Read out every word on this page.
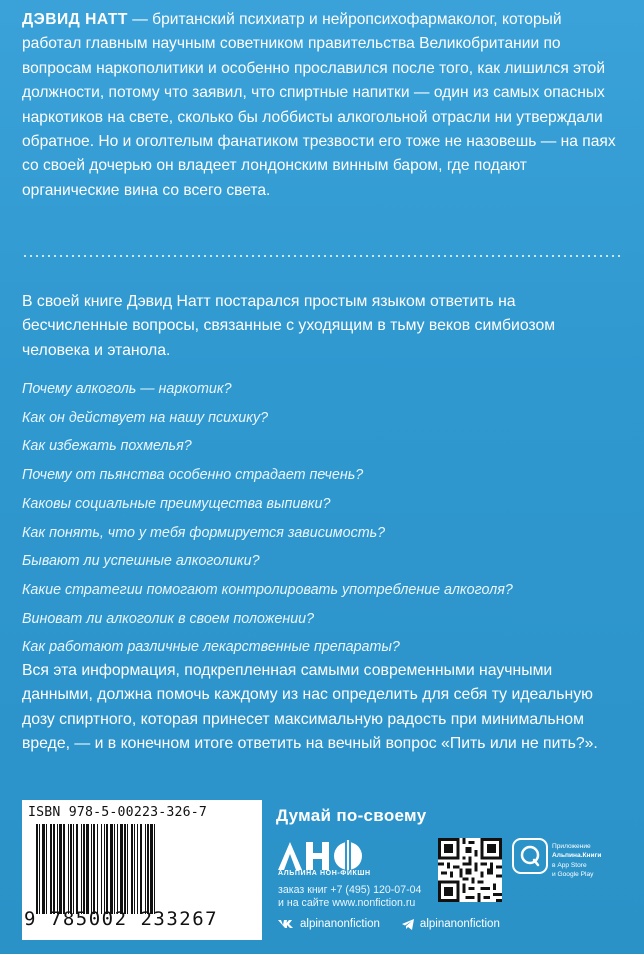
ДЭВИД НАТТ — британский психиатр и нейропсихофармаколог, который работал главным научным советником правительства Великобритании по вопросам наркополитики и особенно прославился после того, как лишился этой должности, потому что заявил, что спиртные напитки — один из самых опасных наркотиков на свете, сколько бы лоббисты алкогольной отрасли ни утверждали обратное. Но и оголтелым фанатиком трезвости его тоже не назовешь — на паях со своей дочерью он владеет лондонским винным баром, где подают органические вина со всего света.
В своей книге Дэвид Натт постарался простым языком ответить на бесчисленные вопросы, связанные с уходящим в тьму веков симбиозом человека и этанола.
Почему алкоголь — наркотик?
Как он действует на нашу психику?
Как избежать похмелья?
Почему от пьянства особенно страдает печень?
Каковы социальные преимущества выпивки?
Как понять, что у тебя формируется зависимость?
Бывают ли успешные алкоголики?
Какие стратегии помогают контролировать употребление алкоголя?
Виноват ли алкоголик в своем положении?
Как работают различные лекарственные препараты?
Вся эта информация, подкрепленная самыми современными научными данными, должна помочь каждому из нас определить для себя ту идеальную дозу спиртного, которая принесет максимальную радость при минимальном вреде, — и в конечном итоге ответить на вечный вопрос «Пить или не пить?».
ISBN 978-5-00223-326-7
9 785002 233267
Думай по-своему
АЛЬПИНА НОН-ФИКШН
заказ книг +7 (495) 120-07-04
и на сайте www.nonfiction.ru
alpinanonfiction	alpinanonfiction
Приложение
Альпина.Книги
в App Store
и Google Play
